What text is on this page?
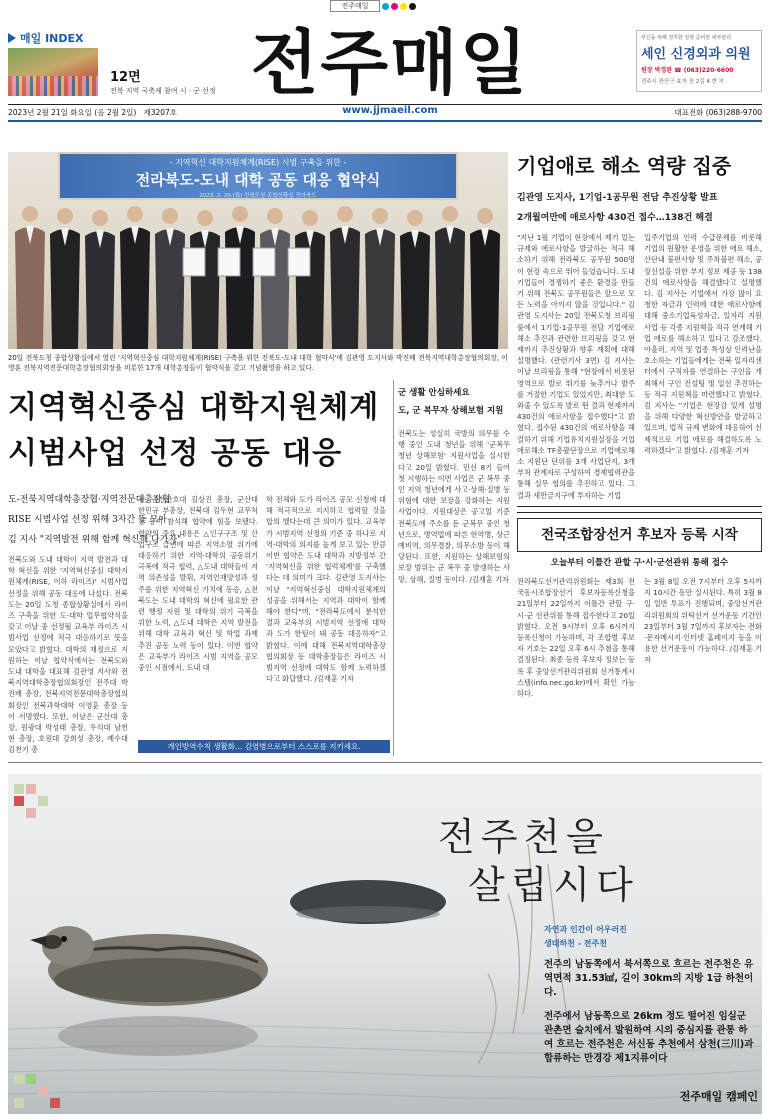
전주매일
매일 INDEX
12면
전북 지역 국축제 참여 시 · 군 선정 전주매일	부신을 위해 정직한 질병 준비한 피부관리
세인 신경외과 의원
원장 박경완 ☎ (063)220-6600
전주시 완산구 효자 천 2길 4 현 지
2023년 2월 21일 화요일 (음 2월 2일) 제3207호	www.jjmaeil.com	대표전화 (063)288-9700
- 지역혁신 대학지원체계(RISE) 시범 구축을 위한 -
전라북도-도내 대학 공동 대응 협약식
2023. 2. 20.(월) 전북도청 종합상황실 전라북도
20일 전북도청 종합상황실에서 열린 '지역혁신중심 대학지원체계(RISE) 구축을 위한 전북도-도내 대학 협약식'에 김관영 도지사와 박진배 전북지역대학총장협의회장, 이영훈 전북지역전문대학총장협의회장을 비롯한 17개 대학총장들이 협약식을 갖고 기념촬영을 하고 있다.
기업애로 해소 역량 집중
김관영 도지사, 1기업-1공무원 전담 추진상황 발표
2개월여만에 애로사항 430건 접수…138건 해결
"지난 1월 기업이 현장에서 제기 있는 규제와 애로사항을 발굴하는 적극 해소하기 위해 전라북도 공무원 500명이 현장 속으로 뛰어 들었습니다. 도내 기업들이 경쟁하기 좋은 환경을 만들기 위해 전북도 공무원들은 앞으로 모든 노력을 아끼지 않을 것입니다." 김관영 도지사는 20일 전북도청 브리핑룸에서 1기업-1공무원 전담 기업애로해소 추진과 관련한 브리핑을 갖고 현재까지 추진상황과 향후 계획에 대해 설명했다. (관련기사 3면) 김 지사는 이날 브리핑을 통해 "현장에서 비롯된 영역으로 발로 뛰기를 늦추거나 발주를 거절한 기업도 있었지만, 최대한 도와줄 수 있도록 발로 뛴 결과 현재까지 430건의 애로사항을 접수했다"고 밝혔다. 접수된 430건의 애로사항을 해결하기 위해 기업유치지원실장을 기업애로해소 TF총괄단장으로 기업애로해소 지원단 단위를 3개 사업단지, 3개 부처 관계자로 구성하여 경제협력관을 통해 실무 협의를 추진하고 있다. 그 결과 새만금지구에 투자하는 기업
입주기업의 인력 수급문제를 비롯해 기업의 원활한 운영을 위한 애로 해소, 산단내 불편사항 및 주차불편 해소, 공장신설을 위한 부지 정보 제공 등 138건의 애로사항을 해결했다고 설명했다. 김 지사는 기업에서 가장 많이 요청한 자금과 인력에 대한 애로사항에 대해 중소기업육성자금, 일자리 지원사업 등 각종 지원책을 적극 연계해 기업 애로를 해소하고 있다고 강조했다. 아울러, 지역 및 업종 특성상 인력난을 호소하는 기업들에게는 전북 일자리센터에서 구직자를 연결하는 구인을 개최해서 구인 컨설팅 및 일선 추진하는 등 적극 지원책을 마련했다고 밝혔다. 김 지사는 "기업은 현장감 있게 설명을 위해 다양한 혁신방안을 발굴하고 있으며, 법적 규제 변화에 대응하여 선제적으로 기업 애로를 해결하도록 노력하겠다"고 밝혔다. /김재훈 기자
지역혁신중심 대학지원체계
시범사업 선정 공동 대응
도-전북지역대학총장협·지역전문대총장협
RISE 시범사업 선정 위해 3자간 뜻 모아
김 지사 "지역발전 위해 함께 혁신해 나가자"
전북도와 도내 대학이 지역 발전과 대학 혁신을 위한 '지역혁신중심 대학지원체계(RISE, 이하 라이즈)' 시범사업 선정을 위해 공동 대응에 나섰다. 전북도는 20일 도청 종합상황실에서 라이즈 구축을 위한 도-대학 업무협약식을 갖고 이날 중 선정될 교육부 라이즈 시범사업 선정에 적극 대응하기로 뜻을 모았다고 밝혔다. 대학의 재정으로 지원하는 이날 협약식에서는 전북도와 도내 대학을 대표해 김관영 지사와 전북지역대학총장협의회장인 전주대 박진배 총장, 전북지역전문대학총장협의회장인 전북과학대학 이영훈 총장 등이 서명했다. 또한, 이날은 군산대 총장, 원광대 박성태 총장, 우석대 남천현 총장, 호원대 강희성 총장, 예수대 김천기 총
장, 군산간호대 김상진 총장, 군산대 한민규 부총장, 전북대 김두현 교무처장 등이 참석해 협약에 힘을 보탰다. 협약의 주요 내용은 △인구구조 및 산업구조 급변에 따른 지역소멸 위기에 대응하기 위한 지역·대학의 공동위기 극복에 적극 협력, △도내 대학들이 지역 의존성을 발휘, 지역인재양성과 정주를 위한 지역혁신 가치에 동승, △전북도는 도내 대학의 혁신에 필요한 관련 행정 지원 및 대학의 위기 극복을 위한 노력, △도내 대학은 지역 발전을 위해 대학 교육과 혁신 및 학업 과제 추진 공동 노력 등이 있다. 이번 협약은 교육부가 라이즈 시범 지역을 공모 중인 시점에서, 도내 대
학 전체와 도가 라이즈 공모 신청에 대해 적극적으로 지지하고 협력할 것을 합의 했다는데 큰 의미가 있다. 교육부가 시범지역 선정의 기준 중 하나로 지역-대학의 의지를 높게 보고 있는 만큼 이번 협약은 도내 대학과 지방정부 간 '지역혁신을 위한 협력체계'를 구축했다는 데 의미가 크다. 김관영 도지사는 이날 "지역혁신중심 대학지원체계의 성공을 위해서는 지역과 대학이 함께해야 한다"며, "전라북도에서 분석한 결과 교육부의 시범지역 선정에 대학과 도가 한팀이 돼 공동 대응하자"고 밝혔다. 이에 대해 전북지역대학총장협의회장 등 대학총장들은 라이즈 시범지역 선정에 대학도 함께 노력하겠다고 화답했다. /김재훈 기자
개인방역수칙 생활화… 감염병으로부터 스스로를 지키세요.
군 생활 안심하세요
도, 군 복무자 상해보험 지원
전북도는 성실히 국방의 의무를 수행 중인 도내 청년을 위해 '군복무 청년 상해보험' 지원사업을 실시한다고 20일 밝혔다. 민선 8기 들어 첫 시행하는 이번 사업은 군 복무 중인 지역 청년에게 사고·상해·질병 등 위험에 대한 보장을 강화하는 지원 사업이다. 지원대상은 공고일 기준 전북도에 주소를 둔 군복무 중인 청년으로, 병역법에 따른 현역병, 상근예비역, 의무경찰, 의무소방 등이 해당된다. 또한, 지원하는 상해보험의 보장 범위는 군 복무 중 발생하는 사망, 상해, 질병 등이다. /김재훈 기자
전국조합장선거 후보자 등록 시작
오늘부터 이틀간 관할 구·시·군선관위 통해 접수
전라북도선거관리위원회는 제3회 전국동시조합장선거 후보자등록신청을 21일부터 22일까지 이틀간 관할 구·시·군 선관위를 통해 접수한다고 20일 밝혔다. 오전 9시부터 오후 6시까지 등록신청이 가능하며, 각 조합별 후보자 기호는 22일 오후 6시 추첨을 통해 결정된다. 최종 등록 후보자 정보는 등록 후 중앙선거관리위원회 선거통계시스템(info.nec.go.kr)에서 확인 가능하다.
는 3월 8일 오전 7시부터 오후 5시까지 10시간 동안 실시된다. 특히 3월 8일 일반 투표가 진행되며, 중앙선거관리위원회의 위탁선거 선거운동 기간인 23일부터 3월 7일까지 후보자는 전화·문자메시지·인터넷 홈페이지 등을 이용한 선거운동이 가능하다. /김재훈 기자
전주천을
살립시다
자연과 인간이 어우러진
생태하천 - 전주천
전주의 남동쪽에서 북서쪽으로 흐르는 전주천은 유역면적 31.53㎢, 길이 30km의 지방 1급 하천이다.
전주에서 남동쪽으로 26km 정도 떨어진 임실군 관촌면 슬치에서 발원하여 시의 중심지를 관통 하여 흐르는 전주천은 서신동 추천에서 삼천(三川)과 합류하는 만경강 제1지류이다
전주매일 캠페인
